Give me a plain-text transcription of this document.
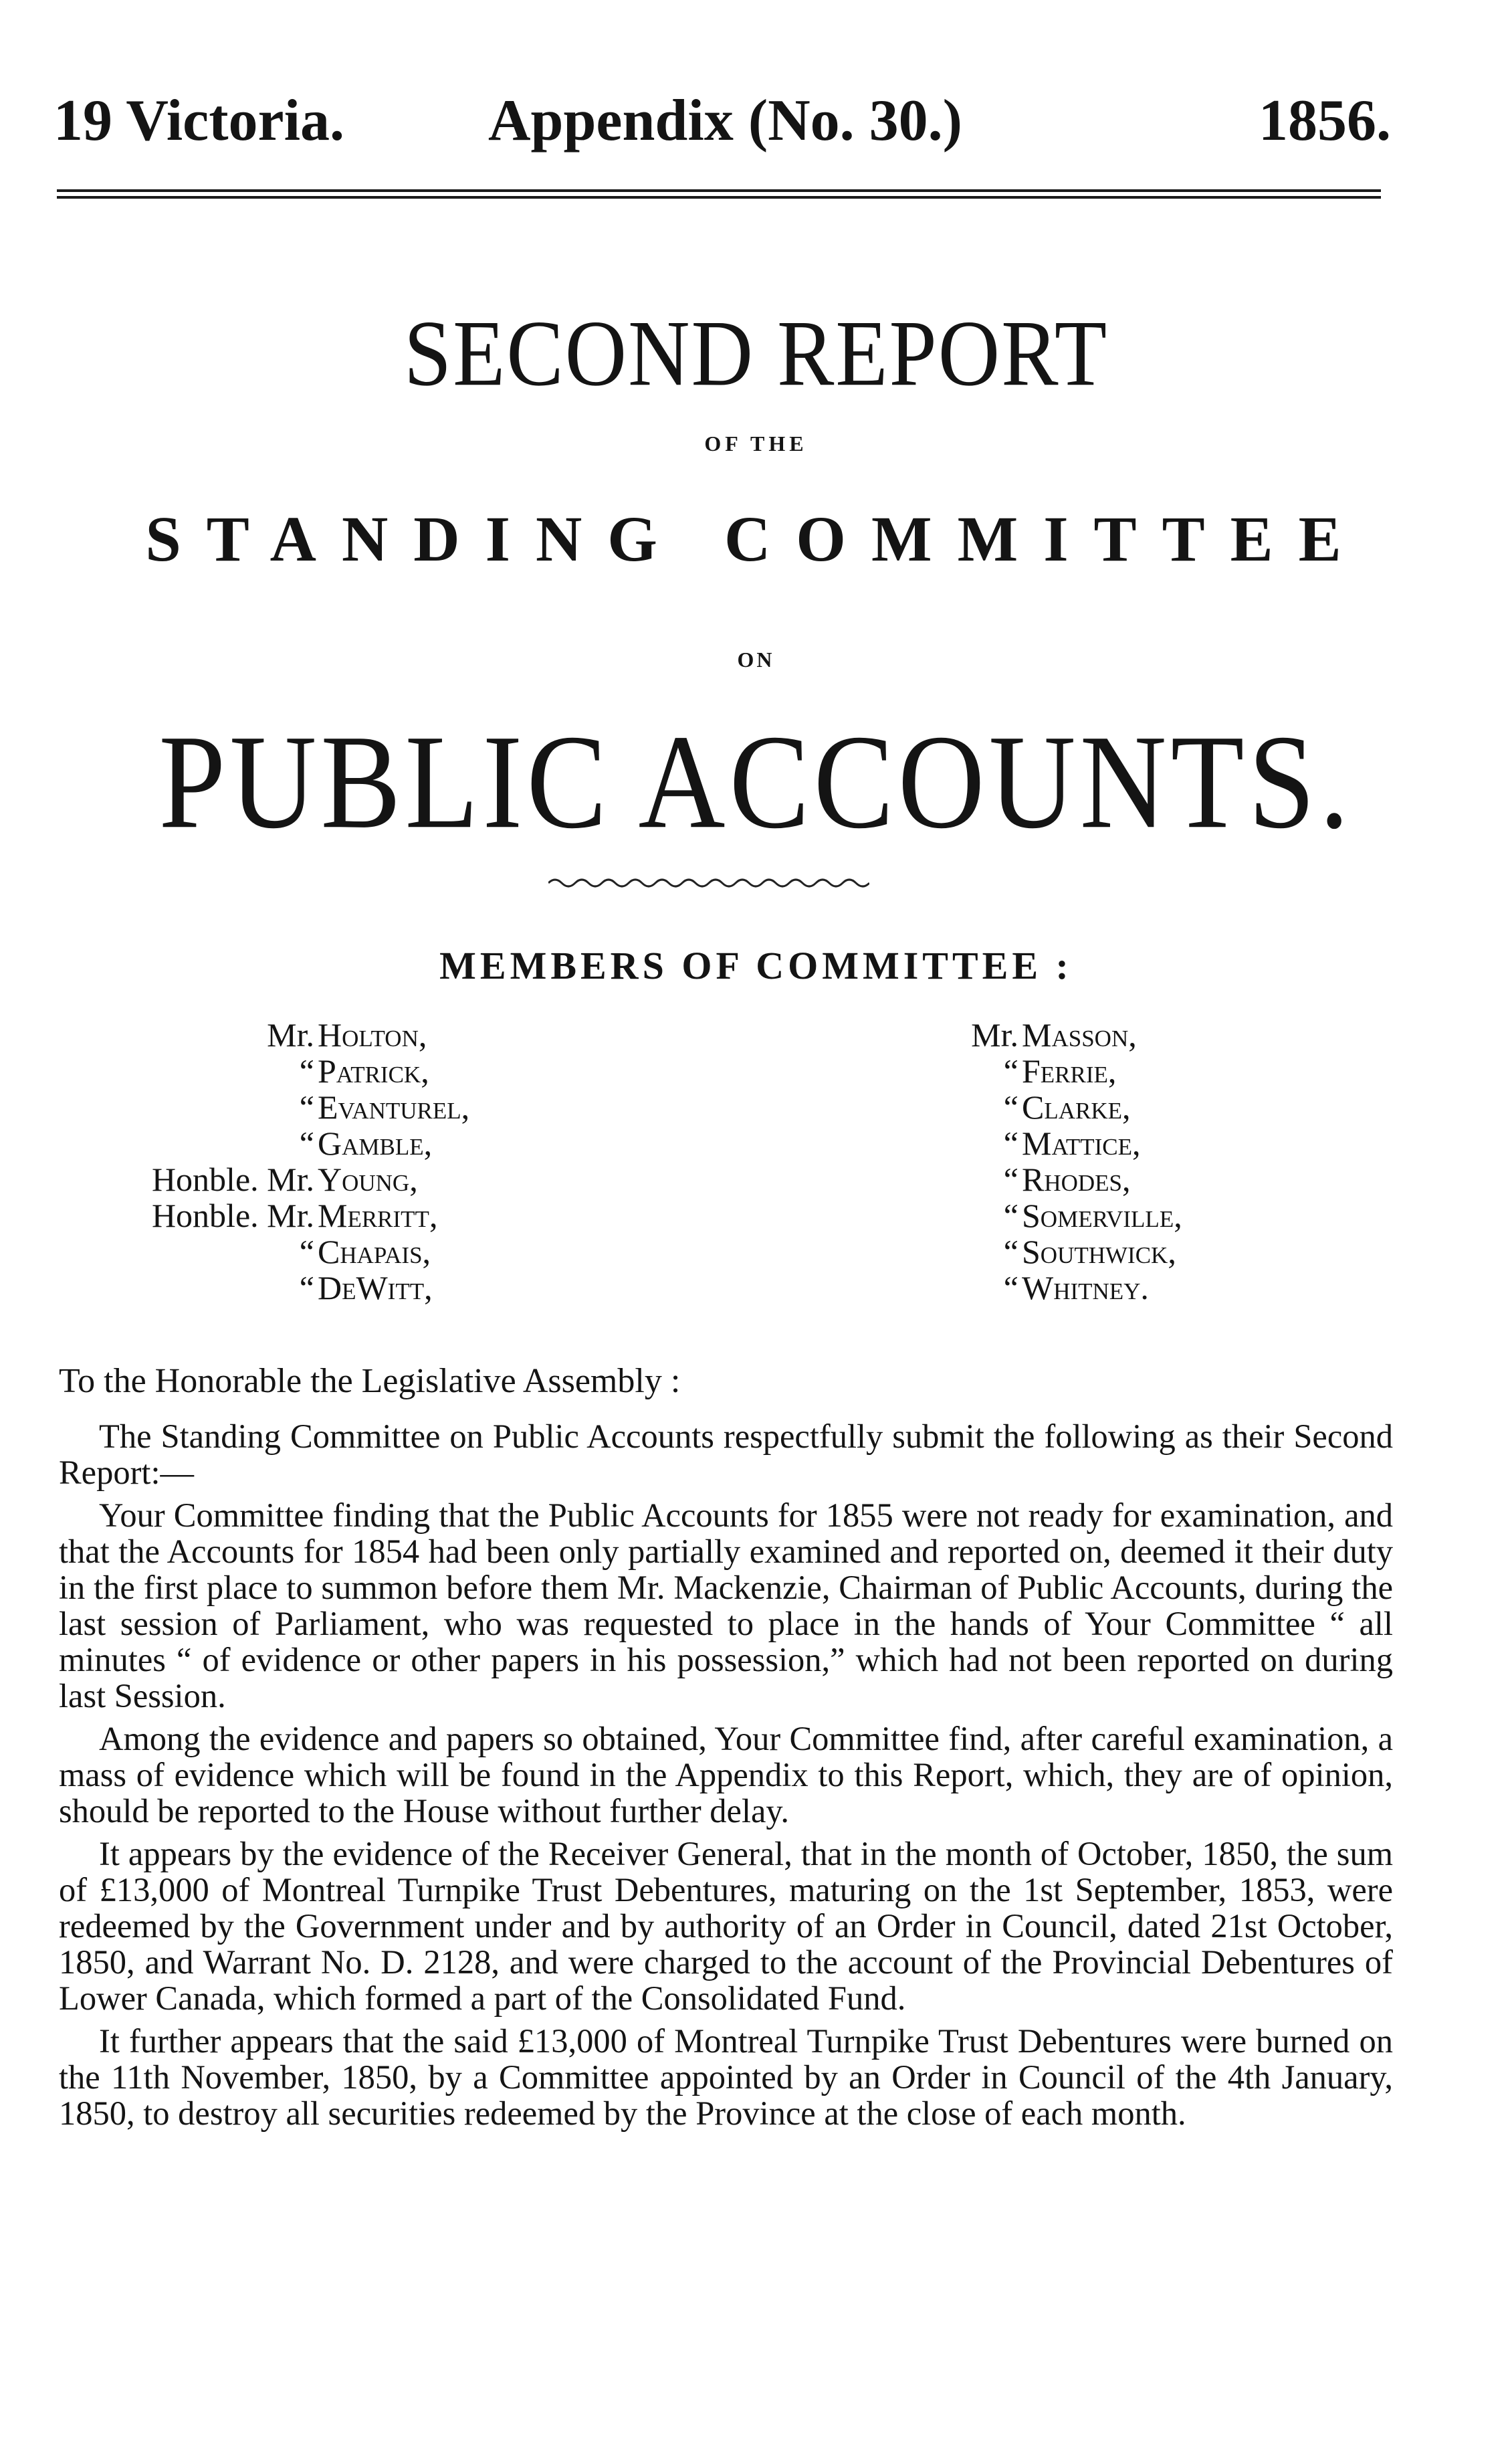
19 Victoria. Appendix (No. 30.)	1856.
SECOND REPORT
OF THE
STANDING COMMITTEE
ON
PUBLIC ACCOUNTS.
MEMBERS OF COMMITTEE :
Mr. Holton,
“ Patrick,
“ Evanturel,
“ Gamble,
Honble. Mr. Young,
Honble. Mr. Merritt,
“ Chapais,
“ DeWitt,
Mr. Masson,
“ Ferrie,
“ Clarke,
“ Mattice,
“ Rhodes,
“ Somerville,
“ Southwick,
“ Whitney.
To the Honorable the Legislative Assembly :

The Standing Committee on Public Accounts respectfully submit the following as their Second Report:—

Your Committee finding that the Public Accounts for 1855 were not ready for examination, and that the Accounts for 1854 had been only partially examined and reported on, deemed it their duty in the first place to summon before them Mr. Mackenzie, Chairman of Public Accounts, during the last session of Parliament, who was requested to place in the hands of Your Committee “ all minutes “ of evidence or other papers in his possession,” which had not been reported on during last Session.

Among the evidence and papers so obtained, Your Committee find, after careful examination, a mass of evidence which will be found in the Appendix to this Report, which, they are of opinion, should be reported to the House without further delay.

It appears by the evidence of the Receiver General, that in the month of October, 1850, the sum of £13,000 of Montreal Turnpike Trust Debentures, maturing on the 1st September, 1853, were redeemed by the Government under and by authority of an Order in Council, dated 21st October, 1850, and Warrant No. D. 2128, and were charged to the account of the Provincial Debentures of Lower Canada, which formed a part of the Consolidated Fund.

It further appears that the said £13,000 of Montreal Turnpike Trust Debentures were burned on the 11th November, 1850, by a Committee appointed by an Order in Council of the 4th January, 1850, to destroy all securities redeemed by the Province at the close of each month.
